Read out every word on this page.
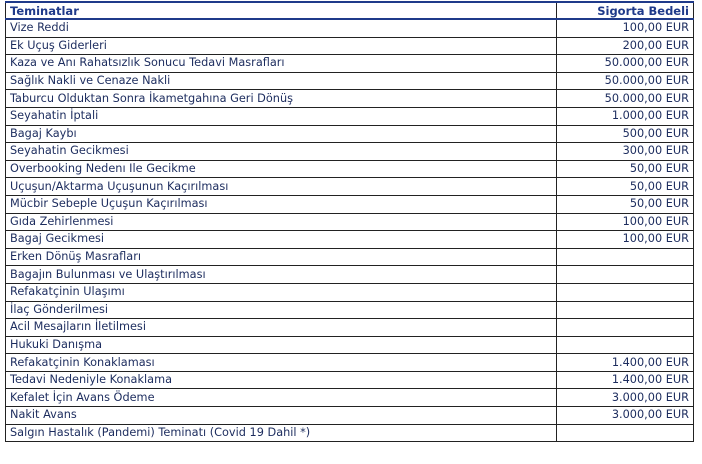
Teminatlar	Sigorta Bedeli
Vize Reddi	100,00 EUR
Ek Uçuş Giderleri	200,00 EUR
Kaza ve Anı Rahatsızlık Sonucu Tedavi Masrafları	50.000,00 EUR
Sağlık Nakli ve Cenaze Nakli	50.000,00 EUR
Taburcu Olduktan Sonra İkametgahına Geri Dönüş	50.000,00 EUR
Seyahatin İptali	1.000,00 EUR
Bagaj Kaybı	500,00 EUR
Seyahatin Gecikmesi	300,00 EUR
Overbooking Nedenı Ile Gecikme	50,00 EUR
Uçuşun/Aktarma Uçuşunun Kaçırılması	50,00 EUR
Mücbir Sebeple Uçuşun Kaçırılması	50,00 EUR
Gıda Zehirlenmesi	100,00 EUR
Bagaj Gecikmesi	100,00 EUR
Erken Dönüş Masrafları	
Bagajın Bulunması ve Ulaştırılması	
Refakatçinin Ulaşımı	
İlaç Gönderilmesi	
Acil Mesajların İletilmesi	
Hukuki Danışma	
Refakatçinin Konaklaması	1.400,00 EUR
Tedavi Nedeniyle Konaklama	1.400,00 EUR
Kefalet İçin Avans Ödeme	3.000,00 EUR
Nakit Avans	3.000,00 EUR
Salgın Hastalık (Pandemi) Teminatı (Covid 19 Dahil *)	
